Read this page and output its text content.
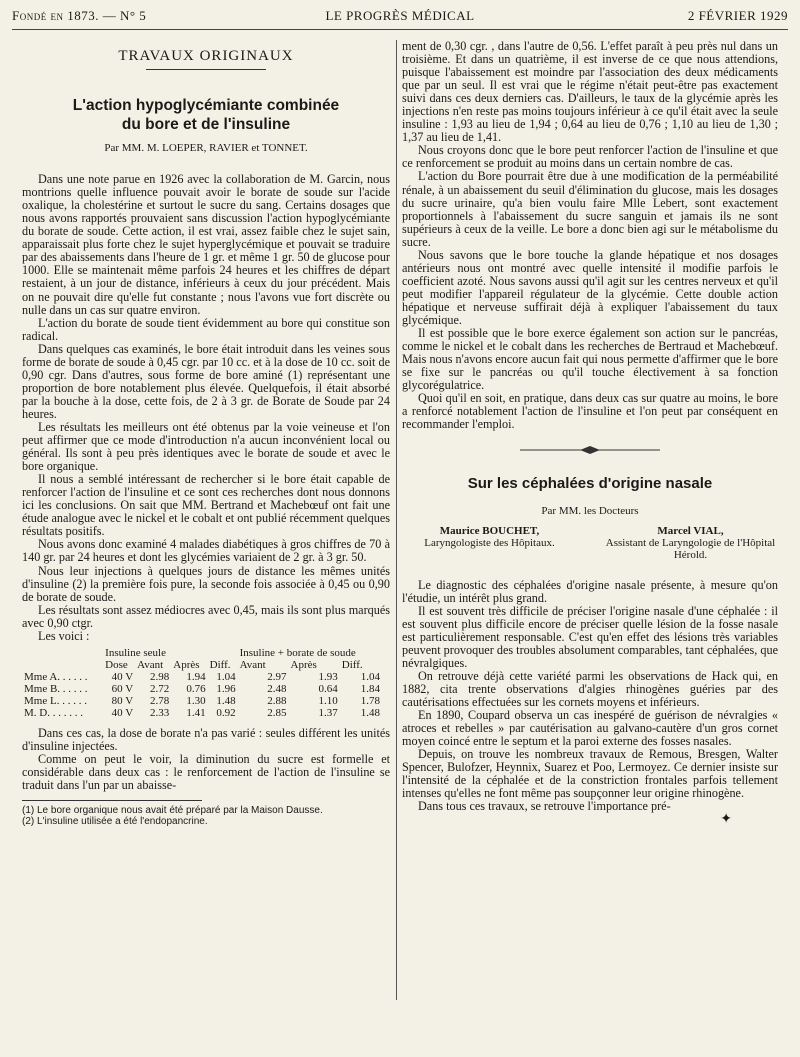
Fondé en 1873. — N° 5	LE PROGRÈS MÉDICAL	2 FÉVRIER 1929
TRAVAUX ORIGINAUX
L'action hypoglycémiante combinée
du bore et de l'insuline
Par MM. M. LOEPER, RAVIER et TONNET.

Dans une note parue en 1926 avec la collaboration de M. Garcin, nous montrions quelle influence pouvait avoir le borate de soude sur l'acide oxalique, la cholestérine et surtout le sucre du sang. Certains dosages que nous avons rapportés prouvaient sans discussion l'action hypoglycémiante du borate de soude. Cette action, il est vrai, assez faible chez le sujet sain, apparaissait plus forte chez le sujet hyperglycémique et pouvait se traduire par des abaissements dans l'heure de 1 gr. et même 1 gr. 50 de glucose pour 1000. Elle se maintenait même parfois 24 heures et les chiffres de départ restaient, à un jour de distance, inférieurs à ceux du jour précédent. Mais on ne pouvait dire qu'elle fut constante ; nous l'avons vue fort discrète ou nulle dans un cas sur quatre environ.

L'action du borate de soude tient évidemment au bore qui constitue son radical.

Dans quelques cas examinés, le bore était introduit dans les veines sous forme de borate de soude à 0,45 cgr. par 10 cc. et à la dose de 10 cc. soit de 0,90 cgr. Dans d'autres, sous forme de bore aminé (1) représentant une proportion de bore notablement plus élevée. Quelquefois, il était absorbé par la bouche à la dose, cette fois, de 2 à 3 gr. de Borate de Soude par 24 heures.

Les résultats les meilleurs ont été obtenus par la voie veineuse et l'on peut affirmer que ce mode d'introduction n'a aucun inconvénient local ou général. Ils sont à peu près identiques avec le borate de soude et avec le bore organique.

Il nous a semblé intéressant de rechercher si le bore était capable de renforcer l'action de l'insuline et ce sont ces recherches dont nous donnons ici les conclusions. On sait que MM. Bertrand et Machebœuf ont fait une étude analogue avec le nickel et le cobalt et ont publié récemment quelques résultats positifs.

Nous avons donc examiné 4 malades diabétiques à gros chiffres de 70 à 140 gr. par 24 heures et dont les glycémies variaient de 2 gr. à 3 gr. 50.

Nous leur injections à quelques jours de distance les mêmes unités d'insuline (2) la première fois pure, la seconde fois associée à 0,45 ou 0,90 de borate de soude.

Les résultats sont assez médiocres avec 0,45, mais ils sont plus marqués avec 0,90 ctgr.

Les voici :

	Insuline seule				Insuline + borate de soude		
	Dose	Avant	Après	Diff.	Avant	Après	Diff.
Mme A. . . . . .	40 V	2.98	1.94	1.04	2.97	1.93	1.04
Mme B. . . . . .	60 V	2.72	0.76	1.96	2.48	0.64	1.84
Mme L. . . . . .	80 V	2.78	1.30	1.48	2.88	1.10	1.78
M. D. . . . . . .	40 V	2.33	1.41	0.92	2.85	1.37	1.48

Dans ces cas, la dose de borate n'a pas varié : seules différent les unités d'insuline injectées.

Comme on peut le voir, la diminution du sucre est formelle et considérable dans deux cas : le renforcement de l'action de l'insuline se traduit dans l'un par un abaisse-

(1) Le bore organique nous avait été préparé par la Maison Dausse.
(2) L'insuline utilisée a été l'endopancrine.

ment de 0,30 cgr. , dans l'autre de 0,56. L'effet paraît à peu près nul dans un troisième. Et dans un quatrième, il est inverse de ce que nous attendions, puisque l'abaissement est moindre par l'association des deux médicaments que par un seul. Il est vrai que le régime n'était peut-être pas exactement suivi dans ces deux derniers cas. D'ailleurs, le taux de la glycémie après les injections n'en reste pas moins toujours inférieur à ce qu'il était avec la seule insuline : 1,93 au lieu de 1,94 ; 0,64 au lieu de 0,76 ; 1,10 au lieu de 1,30 ; 1,37 au lieu de 1,41.

Nous croyons donc que le bore peut renforcer l'action de l'insuline et que ce renforcement se produit au moins dans un certain nombre de cas.

L'action du Bore pourrait être due à une modification de la perméabilité rénale, à un abaissement du seuil d'élimination du glucose, mais les dosages du sucre urinaire, qu'a bien voulu faire Mlle Lebert, sont exactement proportionnels à l'abaissement du sucre sanguin et jamais ils ne sont supérieurs à ceux de la veille. Le bore a donc bien agi sur le métabolisme du sucre.

Nous savons que le bore touche la glande hépatique et nos dosages antérieurs nous ont montré avec quelle intensité il modifie parfois le coefficient azoté. Nous savons aussi qu'il agit sur les centres nerveux et qu'il peut modifier l'appareil régulateur de la glycémie. Cette double action hépatique et nerveuse suffirait déjà à expliquer l'abaissement du taux glycémique.

Il est possible que le bore exerce également son action sur le pancréas, comme le nickel et le cobalt dans les recherches de Bertraud et Machebœuf. Mais nous n'avons encore aucun fait qui nous permette d'affirmer que le bore se fixe sur le pancréas ou qu'il touche électivement à sa fonction glycorégulatrice.

Quoi qu'il en soit, en pratique, dans deux cas sur quatre au moins, le bore a renforcé notablement l'action de l'insuline et l'on peut par conséquent en recommander l'emploi.

Sur les céphalées d'origine nasale
Par MM. les Docteurs
Maurice BOUCHET,
Laryngologiste des Hôpitaux.
Marcel VIAL,
Assistant de Laryngologie de l'Hôpital Hérold.

Le diagnostic des céphalées d'origine nasale présente, à mesure qu'on l'étudie, un intérêt plus grand.

Il est souvent très difficile de préciser l'origine nasale d'une céphalée : il est souvent plus difficile encore de préciser quelle lésion de la fosse nasale est particulièrement responsable. C'est qu'en effet des lésions très variables peuvent provoquer des troubles absolument comparables, tant céphalées, que névralgiques.

On retrouve déjà cette variété parmi les observations de Hack qui, en 1882, cita trente observations d'algies rhinogènes guéries par des cautérisations effectuées sur les cornets moyens et inférieurs.

En 1890, Coupard observa un cas inespéré de guérison de névralgies « atroces et rebelles » par cautérisation au galvano-cautère d'un gros cornet moyen coincé entre le septum et la paroi externe des fosses nasales.

Depuis, on trouve les nombreux travaux de Remous, Bresgen, Walter Spencer, Bulofzer, Heynnix, Suarez et Poo, Lermoyez. Ce dernier insiste sur l'intensité de la céphalée et de la constriction frontales parfois tellement intenses qu'elles ne font même pas soupçonner leur origine rhinogène.

Dans tous ces travaux, se retrouve l'importance pré-

✦
